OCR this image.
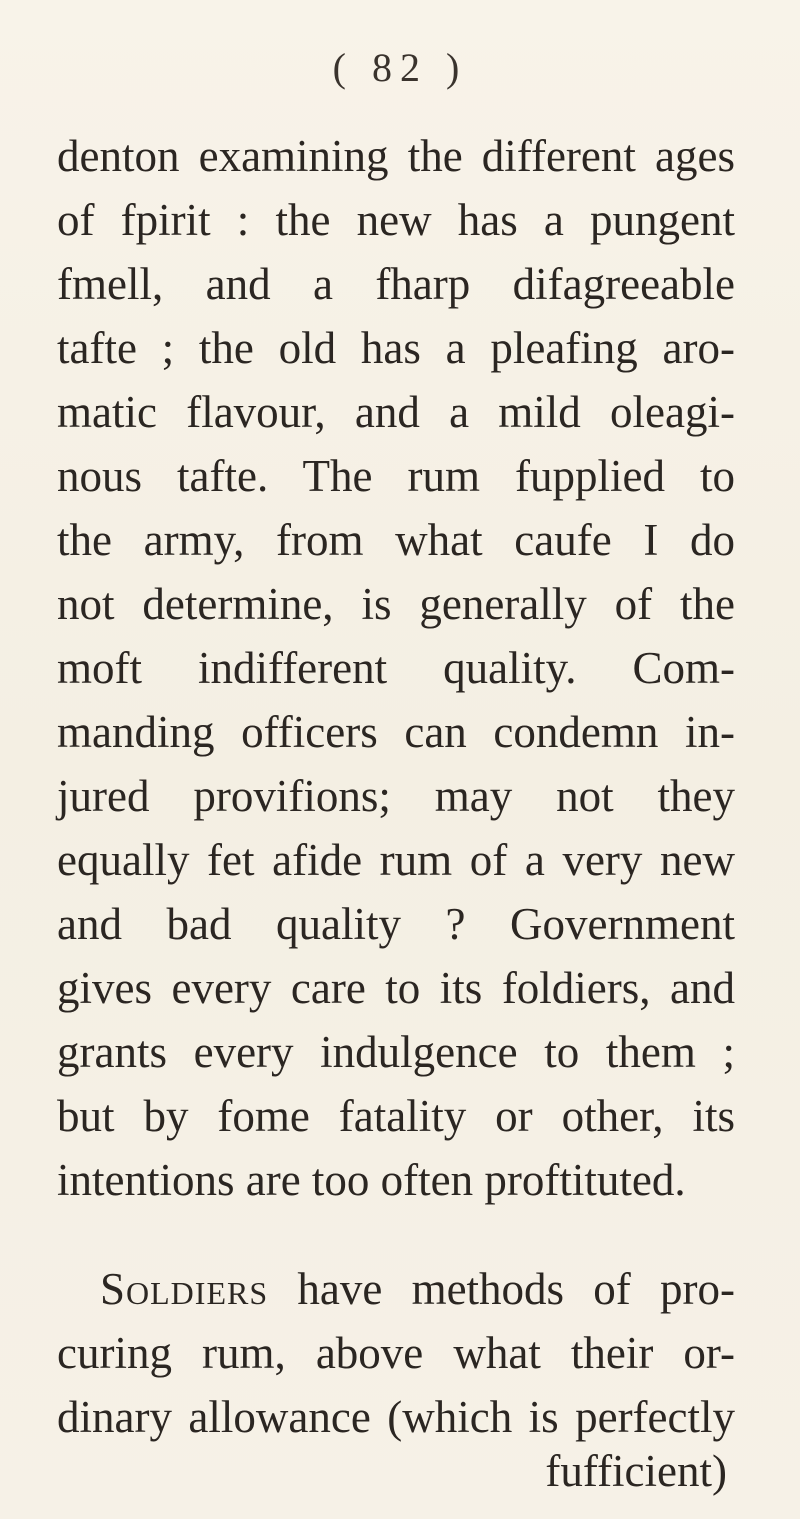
( 82 )
denton examining the different ages
of fpirit : the new has a pungent
fmell, and a fharp difagreeable
tafte ; the old has a pleafing aro-
matic flavour, and a mild oleagi-
nous tafte. The rum fupplied to
the army, from what caufe I do
not determine, is generally of the
moft indifferent quality. Com-
manding officers can condemn in-
jured provifions; may not they
equally fet afide rum of a very new
and bad quality ? Government
gives every care to its foldiers, and
grants every indulgence to them ;
but by fome fatality or other, its
intentions are too often proftituted.
Soldiers have methods of pro-
curing rum, above what their or-
dinary allowance (which is perfectly
fufficient)
